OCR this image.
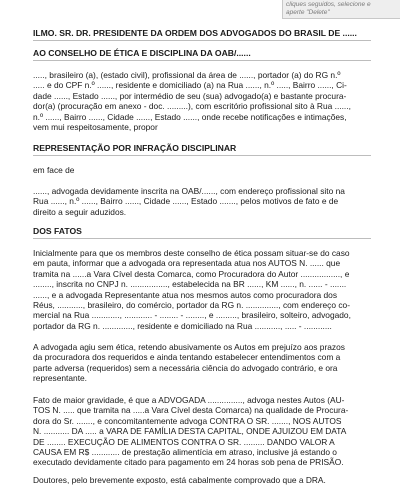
cliques seguidos, selecione e
aperte "Delete"
ILMO. SR. DR. PRESIDENTE DA ORDEM DOS ADVOGADOS DO BRASIL DE ......
AO CONSELHO DE ÉTICA E DISCIPLINA DA OAB/......
....., brasileiro (a), (estado civil), profissional da área de ......, portador (a) do RG n.º
..... e do CPF n.º ......, residente e domiciliado (a) na Rua ......, n.º ....., Bairro ......, Ci-
dade ......, Estado ......, por intermédio de seu (sua) advogado(a) e bastante procura-
dor(a) (procuração em anexo - doc. .........), com escritório profissional sito à Rua ......,
n.º ......, Bairro ......, Cidade ......, Estado ......, onde recebe notificações e intimações,
vem mui respeitosamente, propor
REPRESENTAÇÃO POR INFRAÇÃO DISCIPLINAR
em face de
......, advogada devidamente inscrita na OAB/......, com endereço profissional sito na
Rua ......, n.º ......, Bairro ......, Cidade ......, Estado ......., pelos motivos de fato e de
direito a seguir aduzidos.
DOS FATOS
Inicialmente para que os membros deste conselho de ética possam situar-se do caso
em pauta, informar que a advogada ora representada atua nos AUTOS N. ...... que
tramita na ......a Vara Cível desta Comarca, como Procuradora do Autor ................., e
........, inscrita no CNPJ n. ................, estabelecida na BR ......, KM ......, n. ...... - .......
......, e a advogada Representante atua nos mesmos autos como procuradora dos
Réus, ..........., brasileiro, do comércio, portador da RG n. .............., com endereço co-
mercial na Rua ............, ............ - ........ - ........, e ........., brasileiro, solteiro, advogado,
portador da RG n. ............., residente e domiciliado na Rua ..........., ..... - ............
A advogada agiu sem ética, retendo abusivamente os Autos em prejuízo aos prazos
da procuradora dos requeridos e ainda tentando estabelecer entendimentos com a
parte adversa (requeridos) sem a necessária ciência do advogado contrário, e ora
representante.
Fato de maior gravidade, é que a ADVOGADA ..............., advoga nestes Autos (AU-
TOS N. ..... que tramita na .....a Vara Cível desta Comarca) na qualidade de Procura-
dora do Sr. ......., e concomitantemente advoga CONTRA O SR. ......., NOS AUTOS
N. ........... DA ..... a VARA DE FAMÍLIA DESTA CAPITAL, ONDE AJUIZOU EM DATA
DE ........ EXECUÇÃO DE ALIMENTOS CONTRA O SR. ......... DANDO VALOR A
CAUSA EM R$ ............ de prestação alimentícia em atraso, inclusive já estando o
executado devidamente citado para pagamento em 24 horas sob pena de PRISÃO.
Doutores, pelo brevemente exposto, está cabalmente comprovado que a DRA.
